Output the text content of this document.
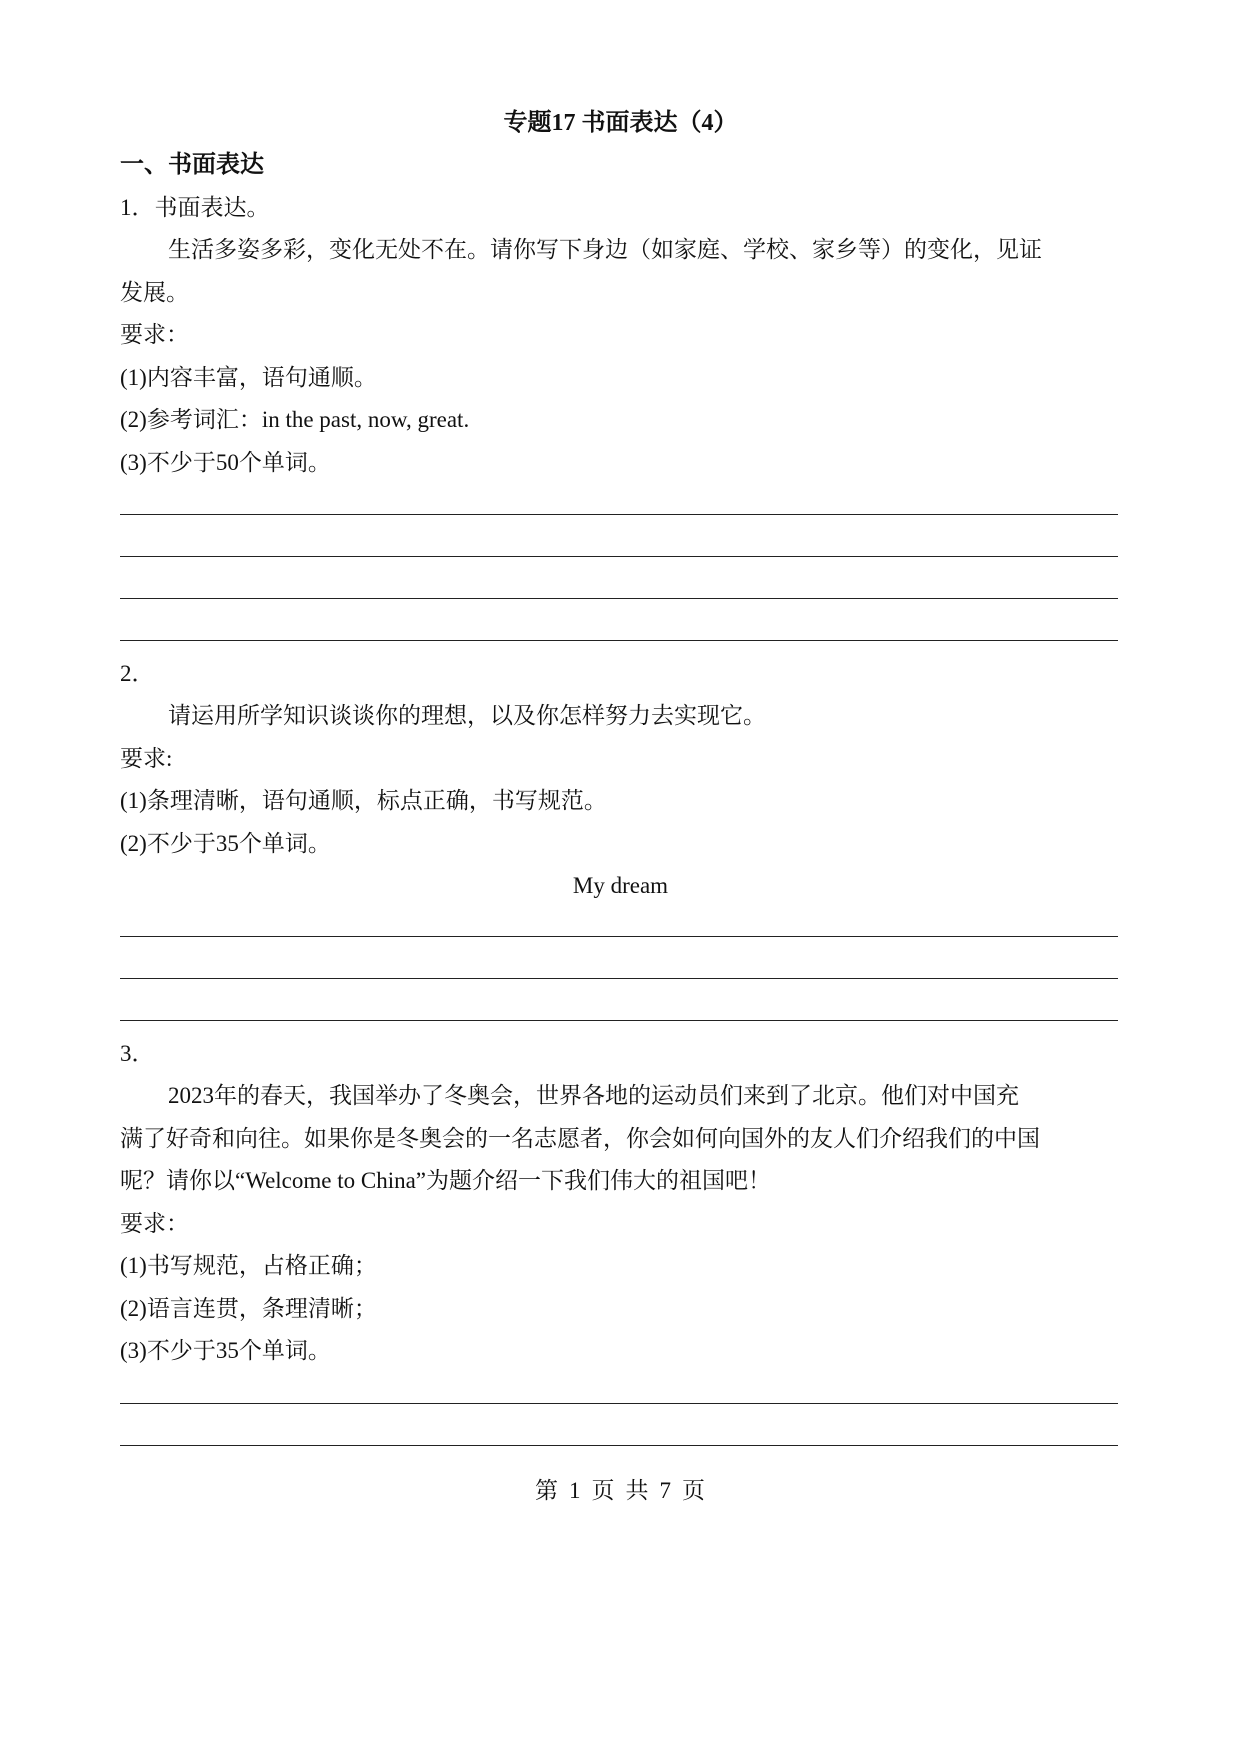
专题17 书面表达（4）
一、书面表达
1．书面表达。
生活多姿多彩，变化无处不在。请你写下身边（如家庭、学校、家乡等）的变化，见证
发展。
要求：
(1)内容丰富，语句通顺。
(2)参考词汇：in the past, now, great.
(3)不少于50个单词。
2．
请运用所学知识谈谈你的理想，以及你怎样努力去实现它。
要求:
(1)条理清晰，语句通顺，标点正确，书写规范。
(2)不少于35个单词。
My dream
3．
2023年的春天，我国举办了冬奥会，世界各地的运动员们来到了北京。他们对中国充
满了好奇和向往。如果你是冬奥会的一名志愿者，你会如何向国外的友人们介绍我们的中国
呢？请你以“Welcome to China”为题介绍一下我们伟大的祖国吧！
要求：
(1)书写规范，占格正确；
(2)语言连贯，条理清晰；
(3)不少于35个单词。
第 1 页 共 7 页
